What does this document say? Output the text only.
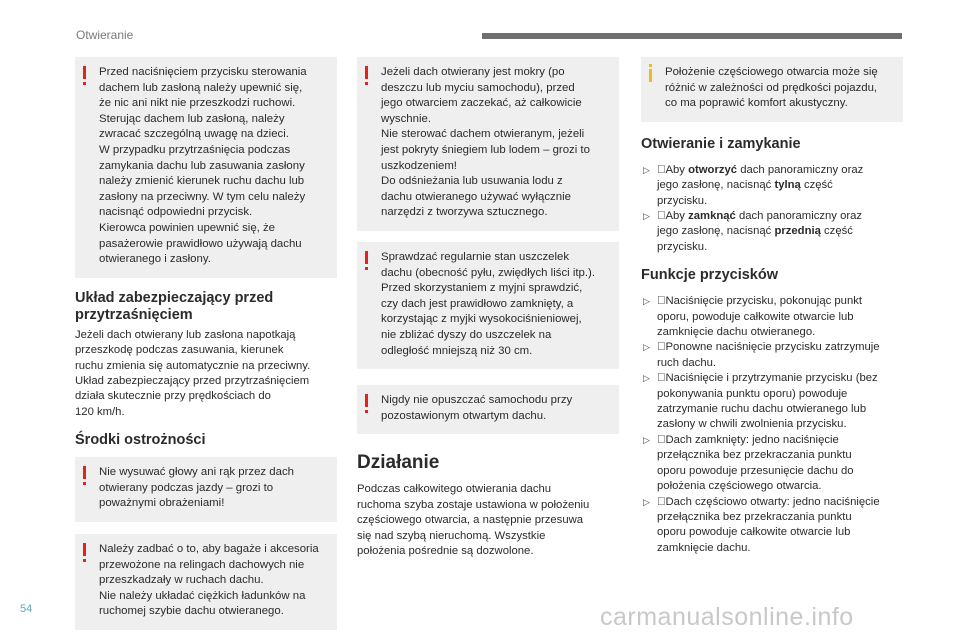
Otwieranie

Przed naciśnięciem przycisku sterowania
dachem lub zasłoną należy upewnić się,
że nic ani nikt nie przeszkodzi ruchowi.
Sterując dachem lub zasłoną, należy
zwracać szczególną uwagę na dzieci.
W przypadku przytrzaśnięcia podczas
zamykania dachu lub zasuwania zasłony
należy zmienić kierunek ruchu dachu lub
zasłony na przeciwny. W tym celu należy
nacisnąć odpowiedni przycisk.
Kierowca powinien upewnić się, że
pasażerowie prawidłowo używają dachu
otwieranego i zasłony.

Układ zabezpieczający przed przytrzaśnięciem

Jeżeli dach otwierany lub zasłona napotkają
przeszkodę podczas zasuwania, kierunek
ruchu zmienia się automatycznie na przeciwny.
Układ zabezpieczający przed przytrzaśnięciem
działa skutecznie przy prędkościach do
120 km/h.

Środki ostrożności

Nie wysuwać głowy ani rąk przez dach
otwierany podczas jazdy – grozi to
poważnymi obrażeniami!

Należy zadbać o to, aby bagaże i akcesoria
przewożone na relingach dachowych nie
przeszkadzały w ruchach dachu.
Nie należy układać ciężkich ładunków na
ruchomej szybie dachu otwieranego.

Jeżeli dach otwierany jest mokry (po
deszczu lub myciu samochodu), przed
jego otwarciem zaczekać, aż całkowicie
wyschnie.
Nie sterować dachem otwieranym, jeżeli
jest pokryty śniegiem lub lodem – grozi to
uszkodzeniem!
Do odśnieżania lub usuwania lodu z
dachu otwieranego używać wyłącznie
narzędzi z tworzywa sztucznego.

Sprawdzać regularnie stan uszczelek
dachu (obecność pyłu, zwiędłych liści itp.).
Przed skorzystaniem z myjni sprawdzić,
czy dach jest prawidłowo zamknięty, a
korzystając z myjki wysokociśnieniowej,
nie zbliżać dyszy do uszczelek na
odległość mniejszą niż 30 cm.

Nigdy nie opuszczać samochodu przy
pozostawionym otwartym dachu.

Działanie

Podczas całkowitego otwierania dachu
ruchoma szyba zostaje ustawiona w położeniu
częściowego otwarcia, a następnie przesuwa
się nad szybą nieruchomą. Wszystkie
położenia pośrednie są dozwolone.

Położenie częściowego otwarcia może się
różnić w zależności od prędkości pojazdu,
co ma poprawić komfort akustyczny.

Otwieranie i zamykanie
▷ Aby otworzyć dach panoramiczny oraz
jego zasłonę, nacisnąć tylną część
przycisku.
▷ Aby zamknąć dach panoramiczny oraz
jego zasłonę, nacisnąć przednią część
przycisku.
Funkcje przycisków
▷ Naciśnięcie przycisku, pokonując punkt
oporu, powoduje całkowite otwarcie lub
zamknięcie dachu otwieranego.
▷ Ponowne naciśnięcie przycisku zatrzymuje
ruch dachu.
▷ Naciśnięcie i przytrzymanie przycisku (bez
pokonywania punktu oporu) powoduje
zatrzymanie ruchu dachu otwieranego lub
zasłony w chwili zwolnienia przycisku.
▷ Dach zamknięty: jedno naciśnięcie
przełącznika bez przekraczania punktu
oporu powoduje przesunięcie dachu do
położenia częściowego otwarcia.
▷ Dach częściowo otwarty: jedno naciśnięcie
przełącznika bez przekraczania punktu
oporu powoduje całkowite otwarcie lub
zamknięcie dachu.
54	carmanualsonline.info
